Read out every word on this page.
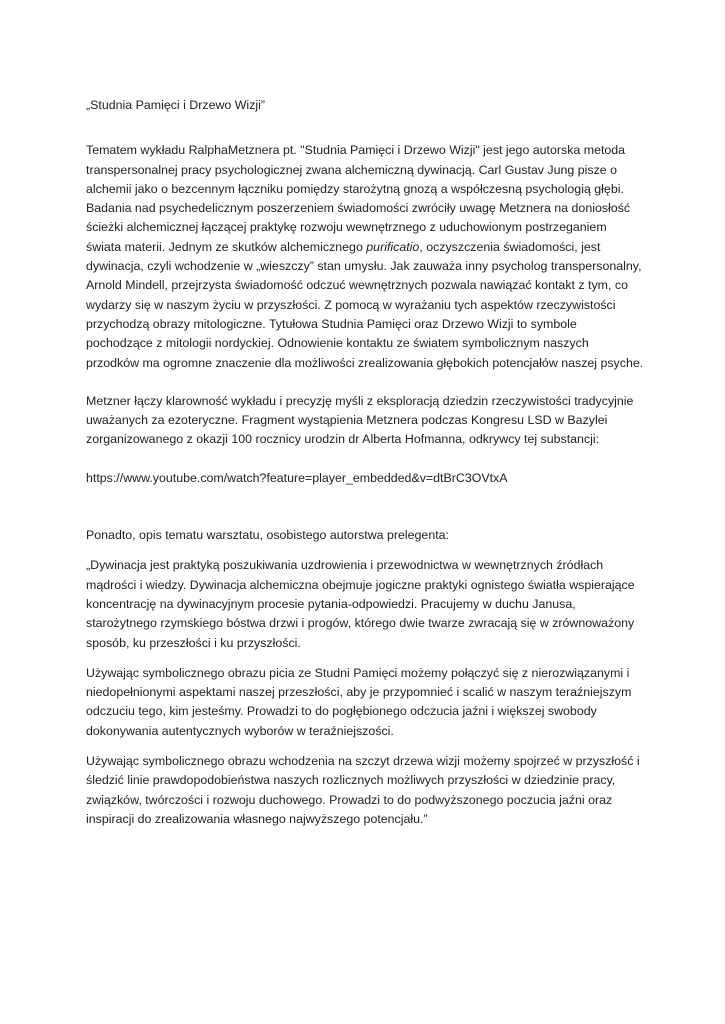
„Studnia Pamięci i Drzewo Wizji”

Tematem wykładu RalphaMetznera pt. "Studnia Pamięci i Drzewo Wizji" jest jego autorska metoda
transpersonalnej pracy psychologicznej zwana alchemiczną dywinacją. Carl Gustav Jung pisze o
alchemii jako o bezcennym łączniku pomiędzy starożytną gnozą a współczesną psychologią głębi.
Badania nad psychedelicznym poszerzeniem świadomości zwróciły uwagę Metznera na doniosłość
ścieżki alchemicznej łączącej praktykę rozwoju wewnętrznego z uduchowionym postrzeganiem
świata materii. Jednym ze skutków alchemicznego purificatio, oczyszczenia świadomości, jest
dywinacja, czyli wchodzenie w „wieszczy” stan umysłu. Jak zauważa inny psycholog transpersonalny,
Arnold Mindell, przejrzysta świadomość odczuć wewnętrznych pozwala nawiązać kontakt z tym, co
wydarzy się w naszym życiu w przyszłości. Z pomocą w wyrażaniu tych aspektów rzeczywistości
przychodzą obrazy mitologiczne. Tytułowa Studnia Pamięci oraz Drzewo Wizji to symbole
pochodzące z mitologii nordyckiej. Odnowienie kontaktu ze światem symbolicznym naszych
przodków ma ogromne znaczenie dla możliwości zrealizowania głębokich potencjałów naszej psyche.

Metzner łączy klarowność wykładu i precyzję myśli z eksploracją dziedzin rzeczywistości tradycyjnie
uważanych za ezoteryczne. Fragment wystąpienia Metznera podczas Kongresu LSD w Bazylei
zorganizowanego z okazji 100 rocznicy urodzin dr Alberta Hofmanna, odkrywcy tej substancji:

https://www.youtube.com/watch?feature=player_embedded&v=dtBrC3OVtxA

Ponadto, opis tematu warsztatu, osobistego autorstwa prelegenta:

„Dywinacja jest praktyką poszukiwania uzdrowienia i przewodnictwa w wewnętrznych źródłach
mądrości i wiedzy. Dywinacja alchemiczna obejmuje jogiczne praktyki ognistego światła wspierające
koncentrację na dywinacyjnym procesie pytania-odpowiedzi. Pracujemy w duchu Janusa,
starożytnego rzymskiego bóstwa drzwi i progów, którego dwie twarze zwracają się w zrównoważony
sposób, ku przeszłości i ku przyszłości.

Używając symbolicznego obrazu picia ze Studni Pamięci możemy połączyć się z nierozwiązanymi i
niedopełnionymi aspektami naszej przeszłości, aby je przypomnieć i scalić w naszym teraźniejszym
odczuciu tego, kim jesteśmy. Prowadzi to do pogłębionego odczucia jaźni i większej swobody
dokonywania autentycznych wyborów w teraźniejszości.

Używając symbolicznego obrazu wchodzenia na szczyt drzewa wizji możemy spojrzeć w przyszłość i
śledzić linie prawdopodobieństwa naszych rozlicznych możliwych przyszłości w dziedzinie pracy,
związków, twórczości i rozwoju duchowego. Prowadzi to do podwyższonego poczucia jaźni oraz
inspiracji do zrealizowania własnego najwyższego potencjału.”
